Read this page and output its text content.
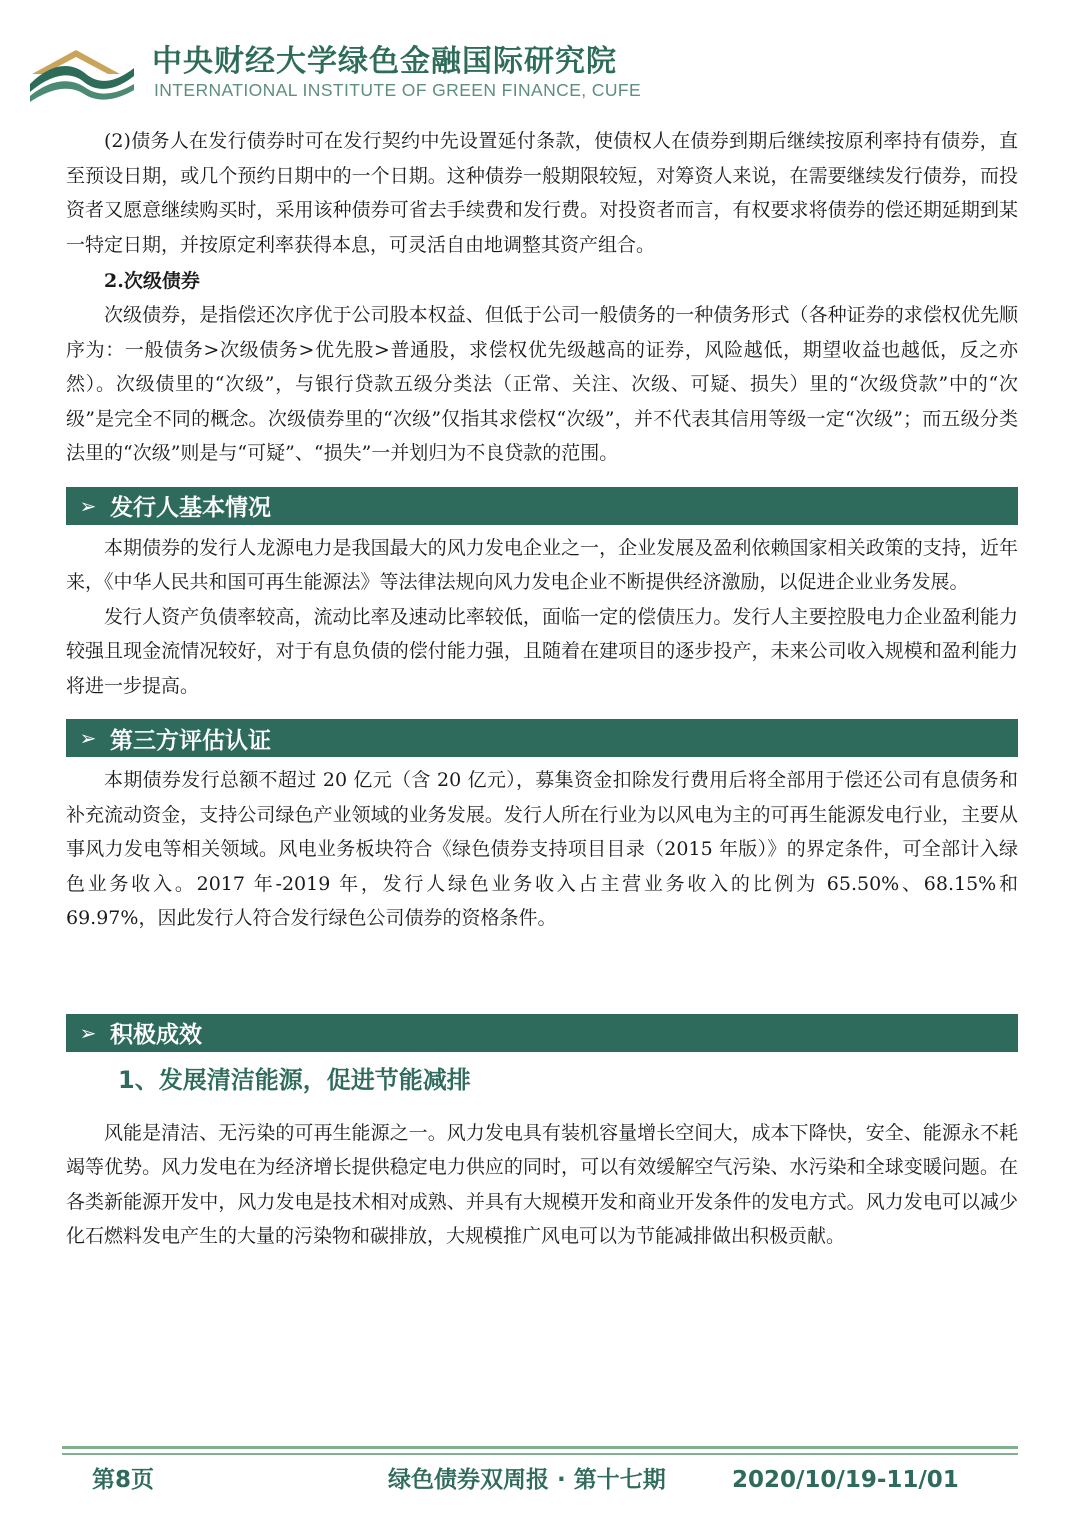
中央财经大学绿色金融国际研究院
INTERNATIONAL INSTITUTE OF GREEN FINANCE, CUFE

(2)债务人在发行债券时可在发行契约中先设置延付条款，使债权人在债券到期后继续按原利率持有债券，直至预设日期，或几个预约日期中的一个日期。这种债券一般期限较短，对筹资人来说，在需要继续发行债券，而投资者又愿意继续购买时，采用该种债券可省去手续费和发行费。对投资者而言，有权要求将债券的偿还期延期到某一特定日期，并按原定利率获得本息，可灵活自由地调整其资产组合。

2.次级债券

次级债券，是指偿还次序优于公司股本权益、但低于公司一般债务的一种债务形式（各种证券的求偿权优先顺序为：一般债务>次级债务>优先股>普通股，求偿权优先级越高的证券，风险越低，期望收益也越低，反之亦然）。次级债里的“次级”，与银行贷款五级分类法（正常、关注、次级、可疑、损失）里的“次级贷款”中的“次级”是完全不同的概念。次级债券里的“次级”仅指其求偿权“次级”，并不代表其信用等级一定“次级”；而五级分类法里的“次级”则是与“可疑”、“损失”一并划归为不良贷款的范围。

➢ 发行人基本情况

本期债券的发行人龙源电力是我国最大的风力发电企业之一，企业发展及盈利依赖国家相关政策的支持，近年来，《中华人民共和国可再生能源法》等法律法规向风力发电企业不断提供经济激励，以促进企业业务发展。

发行人资产负债率较高，流动比率及速动比率较低，面临一定的偿债压力。发行人主要控股电力企业盈利能力较强且现金流情况较好，对于有息负债的偿付能力强，且随着在建项目的逐步投产，未来公司收入规模和盈利能力将进一步提高。

➢ 第三方评估认证

本期债券发行总额不超过 20 亿元（含 20 亿元），募集资金扣除发行费用后将全部用于偿还公司有息债务和补充流动资金，支持公司绿色产业领域的业务发展。发行人所在行业为以风电为主的可再生能源发电行业，主要从事风力发电等相关领域。风电业务板块符合《绿色债券支持项目目录（2015 年版）》的界定条件，可全部计入绿色业务收入。2017 年-2019 年，发行人绿色业务收入占主营业务收入的比例为 65.50%、68.15%和 69.97%，因此发行人符合发行绿色公司债券的资格条件。

➢ 积极成效
1、发展清洁能源，促进节能减排

风能是清洁、无污染的可再生能源之一。风力发电具有装机容量增长空间大，成本下降快，安全、能源永不耗竭等优势。风力发电在为经济增长提供稳定电力供应的同时，可以有效缓解空气污染、水污染和全球变暖问题。在各类新能源开发中，风力发电是技术相对成熟、并具有大规模开发和商业开发条件的发电方式。风力发电可以减少化石燃料发电产生的大量的污染物和碳排放，大规模推广风电可以为节能减排做出积极贡献。

第8页	绿色债券双周报 · 第十七期	2020/10/19-11/01
